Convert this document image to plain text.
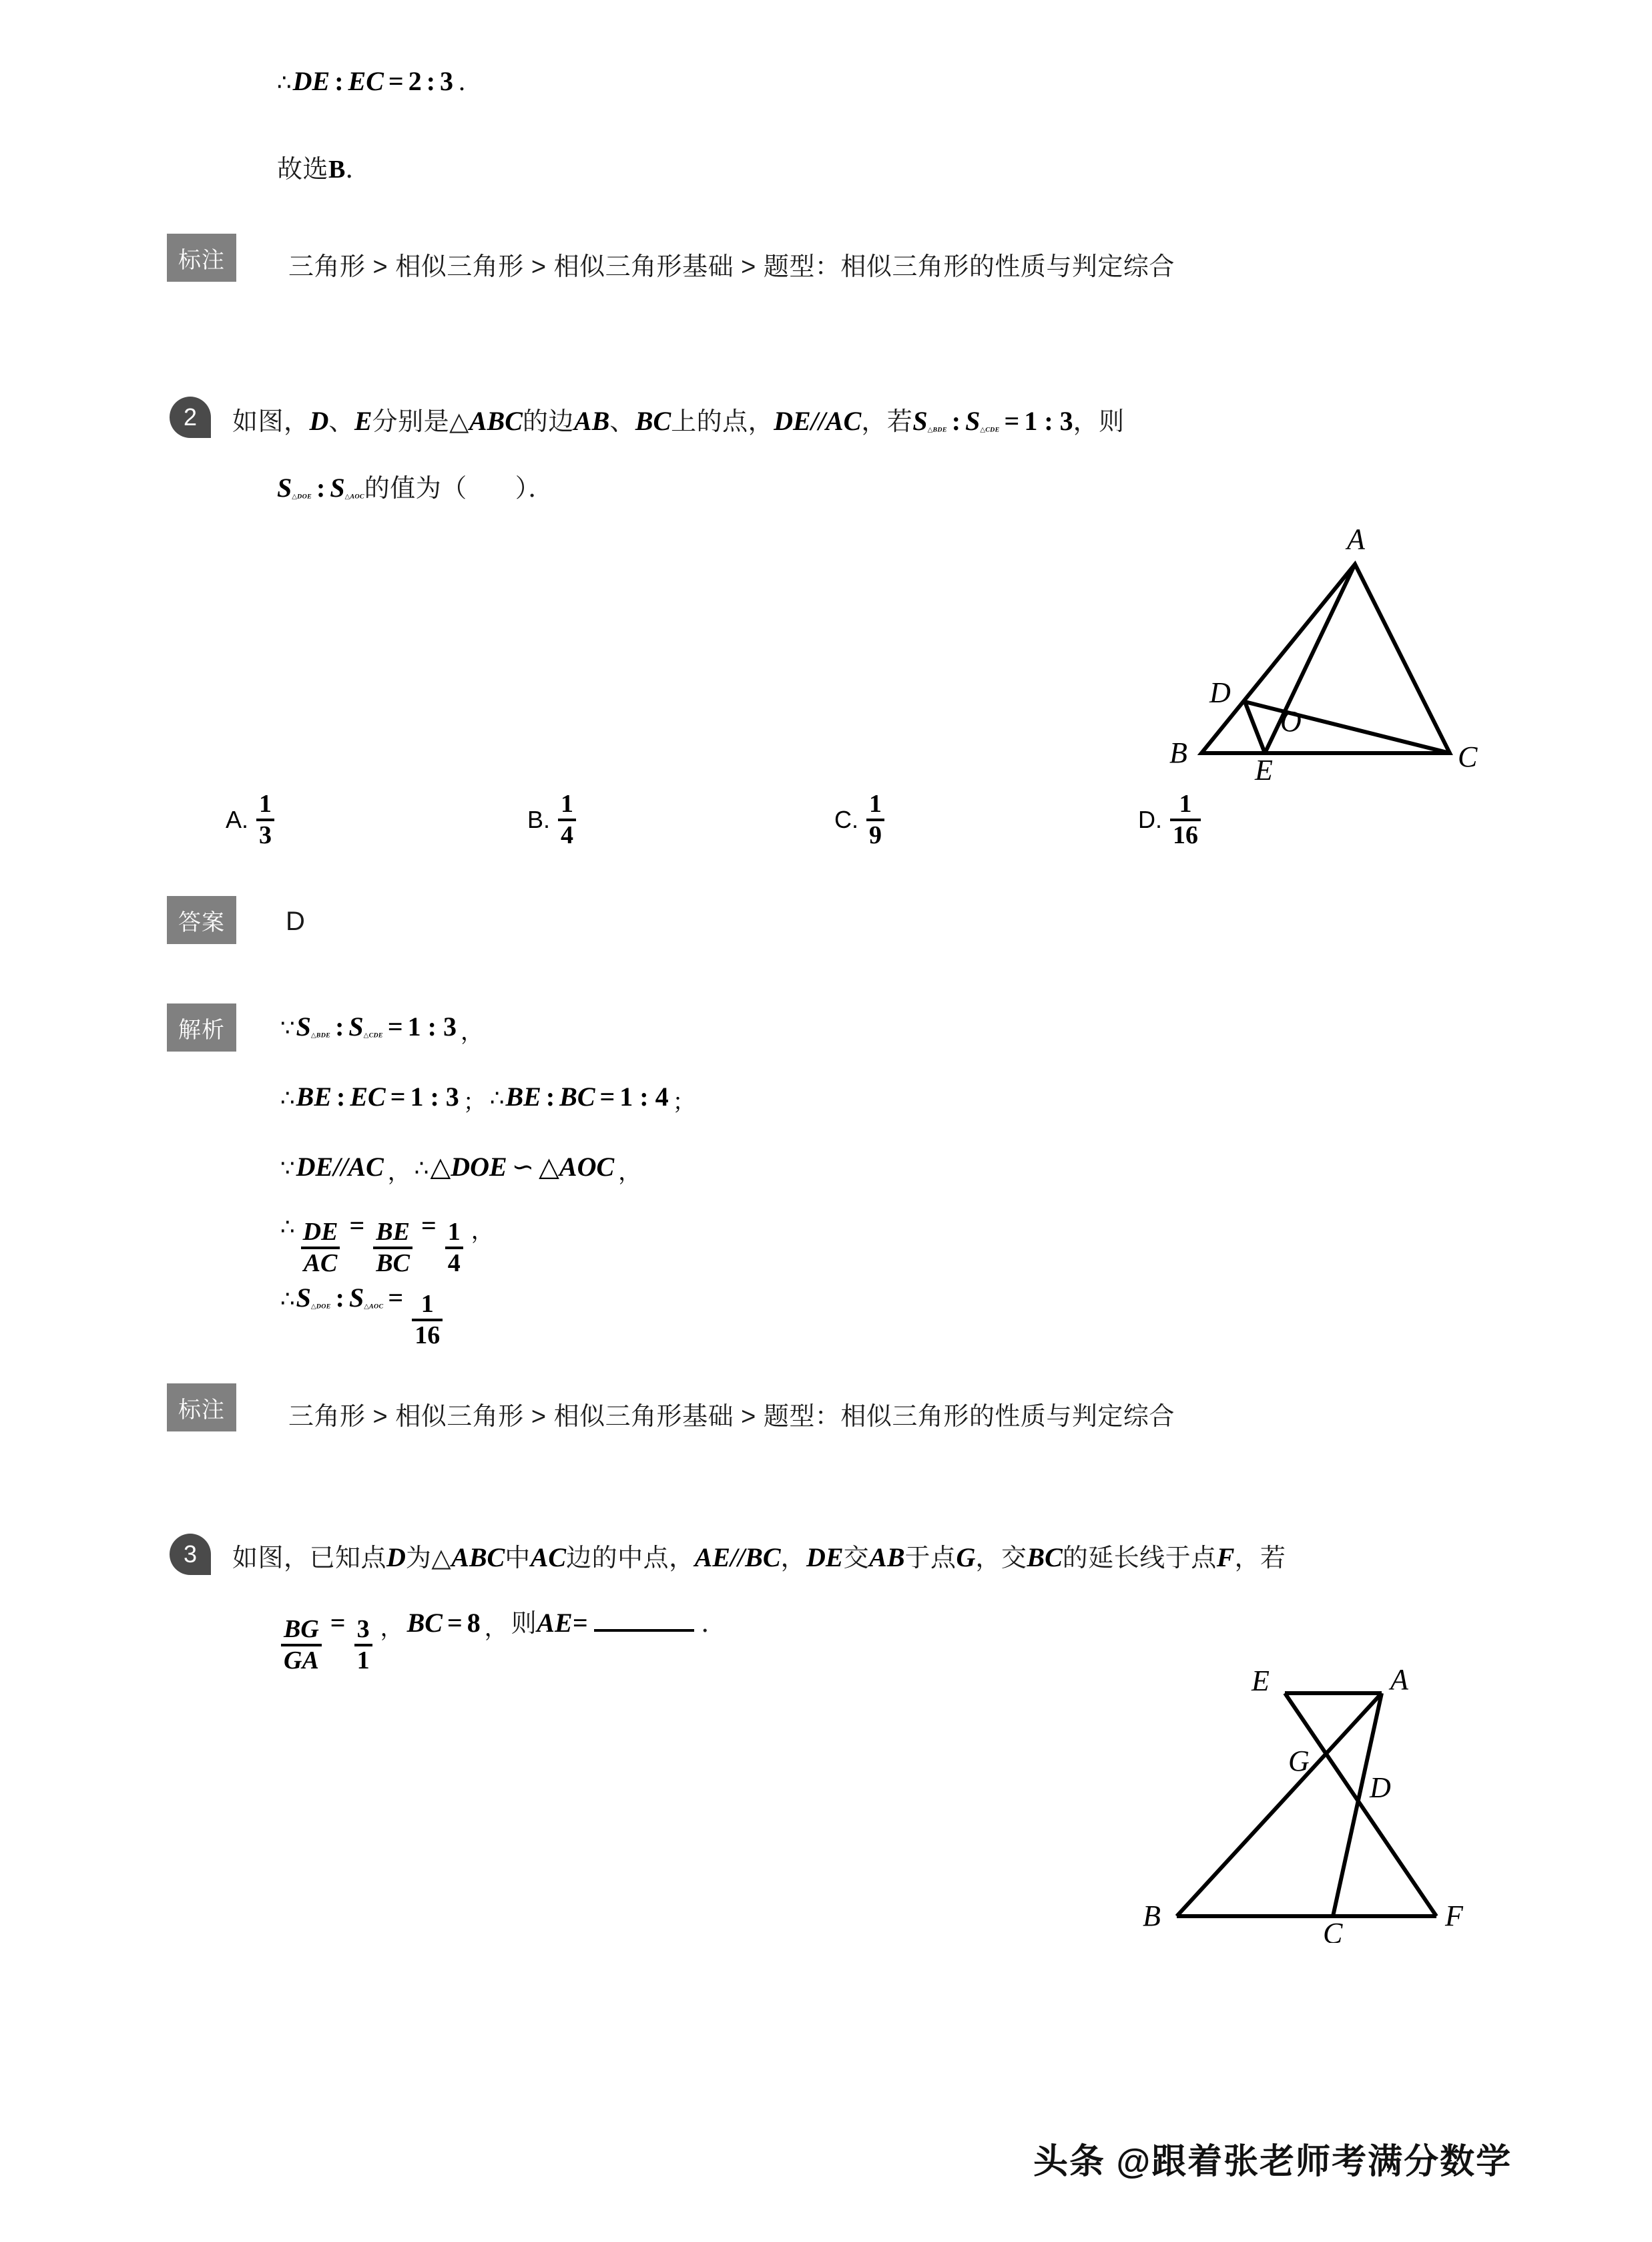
∴DE : EC = 2 : 3 .
故选B．
标注	三角形 > 相似三角形 > 相似三角形基础 > 题型：相似三角形的性质与判定综合
2	如图，D、E分别是△ABC的边AB、BC上的点，DE//AC，若$S_{\triangle BDE}$ : $S_{\triangle CDE} = 1$ : 3，则
$S_{\triangle DOE}$ : $S_{\triangle AOC}$的值为（ ）．
A
D
O
B
E	C
A. $\frac{1}{3}$	B. $\frac{1}{4}$	C. $\frac{1}{9}$	D. $\frac{1}{16}$
答案	D
解析	$\because S_{\triangle BDE}$ : $S_{\triangle CDE} = 1$ : 3 ，
∴BE : EC = 1 : 3 ； ∴BE : BC = 1 : 4 ；
∵DE//AC ， ∴△DOE ∽ △AOC ，
∴ $\frac{DE}{AC} = \frac{BE}{BC} = \frac{1}{4}$ ，
$\therefore S_{\triangle DOE}$ : $S_{\triangle AOC} = \frac{1}{16}$
标注	三角形 > 相似三角形 > 相似三角形基础 > 题型：相似三角形的性质与判定综合
3 如图，已知点D为△ABC中AC边的中点，AE//BC，DE交AB于点G，交BC的延长线于点F，若
$\frac{BG}{GA} = \frac{3}{1}$ ， BC = 8 ， 则AE=	．
E	A
G
D
B
C
F
头条 @跟着张老师考满分数学
